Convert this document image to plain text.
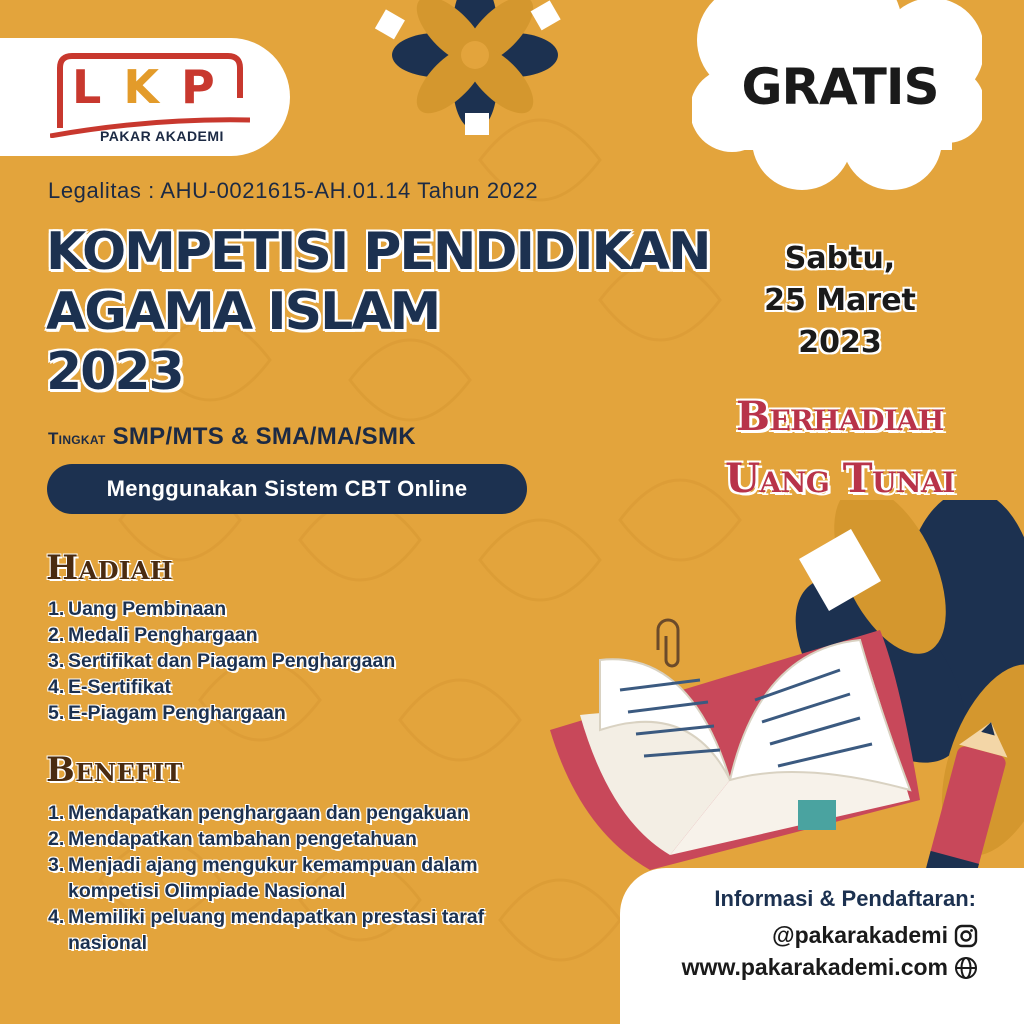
L K P
PAKAR AKADEMI
GRATIS
Legalitas : AHU-0021615-AH.01.14 Tahun 2022
KOMPETISI PENDIDIKAN
AGAMA ISLAM
2023
Tingkat SMP/MTS & SMA/MA/SMK
Menggunakan Sistem CBT Online
Sabtu,
25 Maret
2023
Berhadiah
Uang Tunai
Hadiah
1. Uang Pembinaan
2. Medali Penghargaan
3. Sertifikat dan Piagam Penghargaan
4. E-Sertifikat
5. E-Piagam Penghargaan
Benefit
1. Mendapatkan penghargaan dan pengakuan
2. Mendapatkan tambahan pengetahuan
3. Menjadi ajang mengukur kemampuan dalam kompetisi Olimpiade Nasional
4. Memiliki peluang mendapatkan prestasi taraf nasional
Informasi & Pendaftaran:
@pakarakademi
www.pakarakademi.com
